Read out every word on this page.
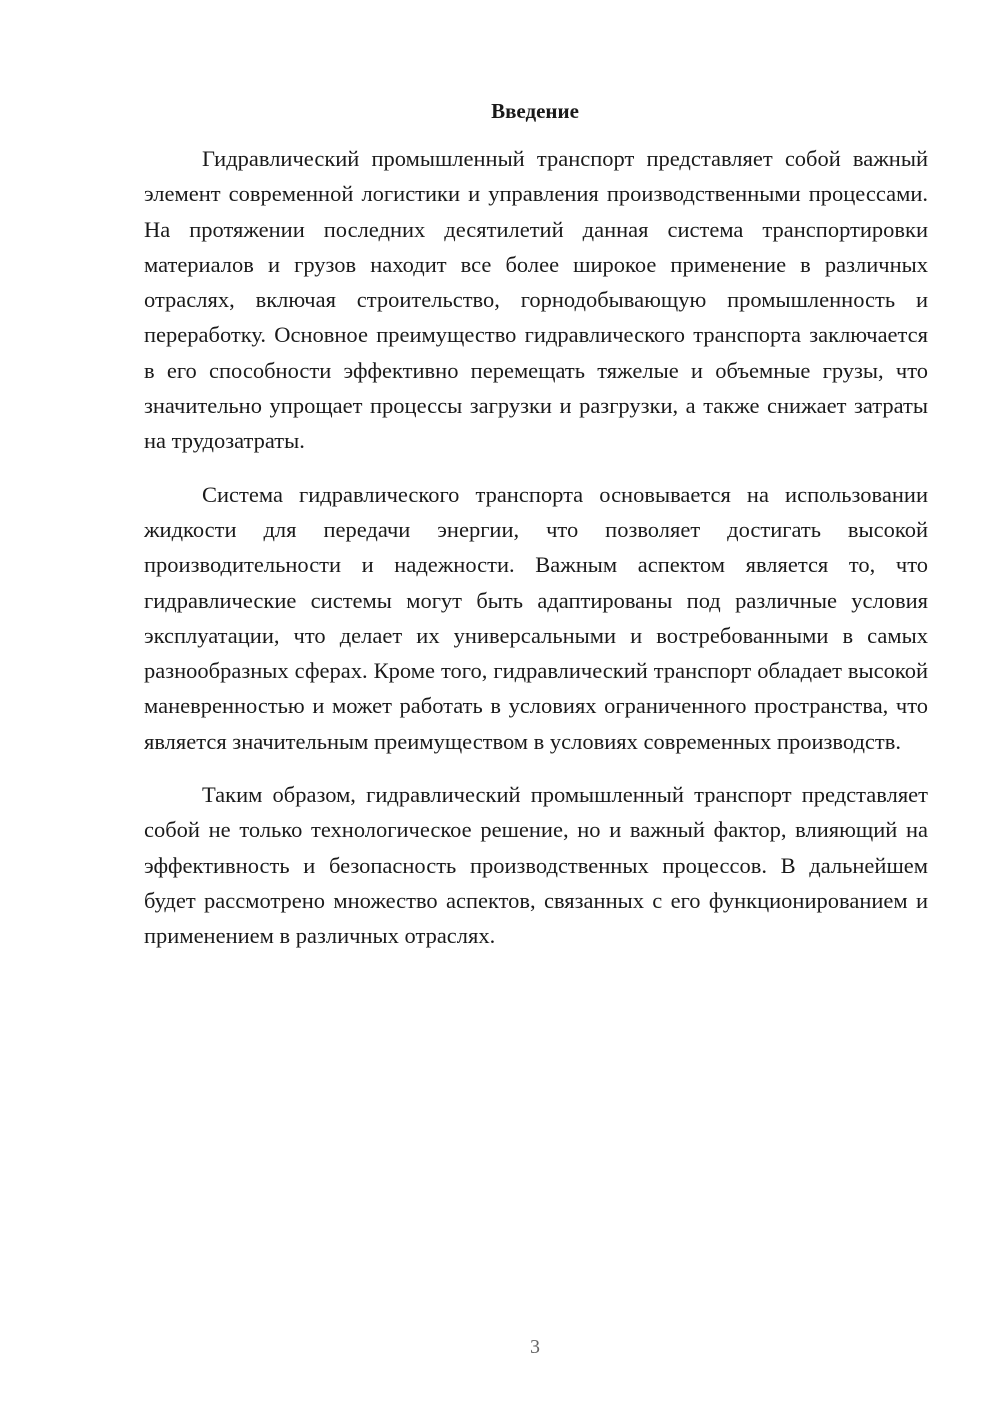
Введение

Гидравлический промышленный транспорт представляет собой важный элемент современной логистики и управления производственными процессами. На протяжении последних десятилетий данная система транспортировки материалов и грузов находит все более широкое применение в различных отраслях, включая строительство, горнодобывающую промышленность и переработку. Основное преимущество гидравлического транспорта заключается в его способности эффективно перемещать тяжелые и объемные грузы, что значительно упрощает процессы загрузки и разгрузки, а также снижает затраты на трудозатраты.

Система гидравлического транспорта основывается на использовании жидкости для передачи энергии, что позволяет достигать высокой производительности и надежности. Важным аспектом является то, что гидравлические системы могут быть адаптированы под различные условия эксплуатации, что делает их универсальными и востребованными в самых разнообразных сферах. Кроме того, гидравлический транспорт обладает высокой маневренностью и может работать в условиях ограниченного пространства, что является значительным преимуществом в условиях современных производств.

Таким образом, гидравлический промышленный транспорт представляет собой не только технологическое решение, но и важный фактор, влияющий на эффективность и безопасность производственных процессов. В дальнейшем будет рассмотрено множество аспектов, связанных с его функционированием и применением в различных отраслях.

3
